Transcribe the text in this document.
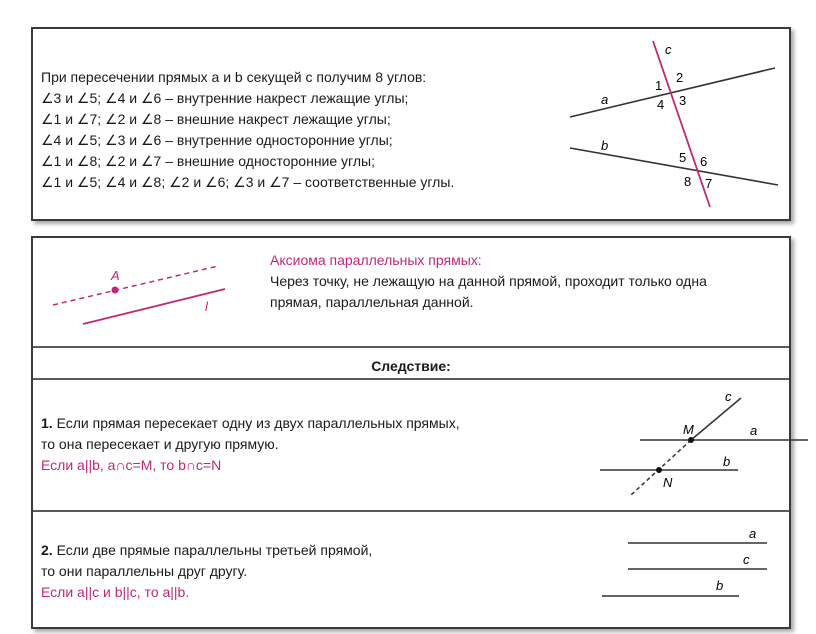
При пересечении прямых a и b секущей c получим 8 углов:
∠3 и ∠5; ∠4 и ∠6 – внутренние накрест лежащие углы;
∠1 и ∠7; ∠2 и ∠8 – внешние накрест лежащие углы;
∠4 и ∠5; ∠3 и ∠6 – внутренние односторонние углы;
∠1 и ∠8; ∠2 и ∠7 – внешние односторонние углы;
∠1 и ∠5; ∠4 и ∠8; ∠2 и ∠6; ∠3 и ∠7 – соответственные углы.
c
a
b
1
2
3
4
5 6
7
8
A
l
Аксиома параллельных прямых:
Через точку, не лежащую на данной прямой, проходит только одна
прямая, параллельная данной.
Следствие:
1. Если прямая пересекает одну из двух параллельных прямых,
то она пересекает и другую прямую.
Если a||b, a∩c=M, то b∩c=N
c
M	a
b
N
2. Если две прямые параллельны третьей прямой,
то они параллельны друг другу.
Если a||c и b||c, то a||b.
a
c
b
